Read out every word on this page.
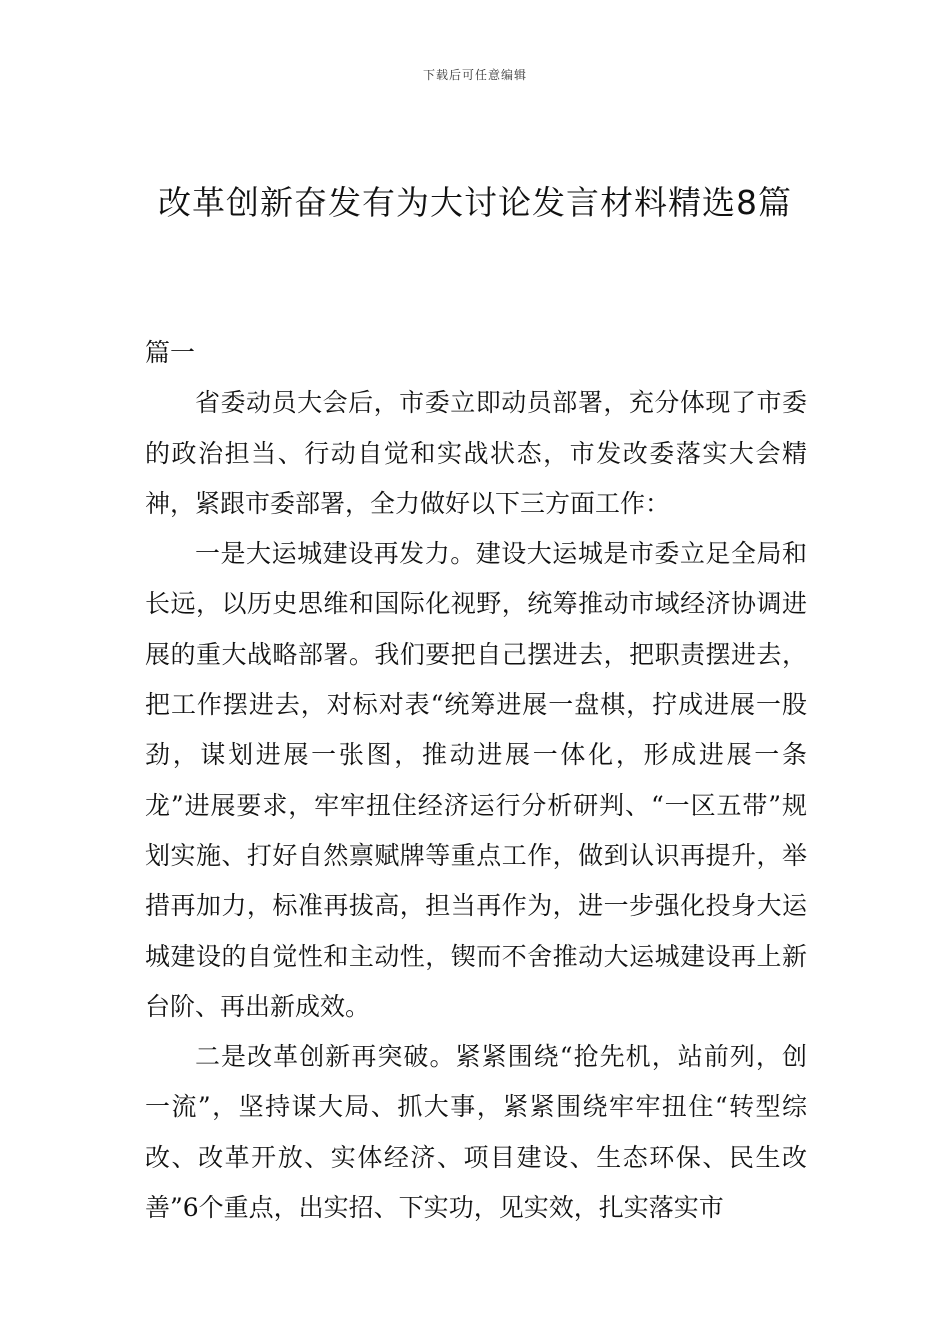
下载后可任意编辑
改革创新奋发有为大讨论发言材料精选8篇

篇一

省委动员大会后，市委立即动员部署，充分体现了市委的政治担当、行动自觉和实战状态，市发改委落实大会精神，紧跟市委部署，全力做好以下三方面工作：

一是大运城建设再发力。建设大运城是市委立足全局和长远，以历史思维和国际化视野，统筹推动市域经济协调进展的重大战略部署。我们要把自己摆进去，把职责摆进去，把工作摆进去，对标对表“统筹进展一盘棋，拧成进展一股劲，谋划进展一张图，推动进展一体化，形成进展一条龙”进展要求，牢牢扭住经济运行分析研判、“一区五带”规划实施、打好自然禀赋牌等重点工作，做到认识再提升，举措再加力，标准再拔高，担当再作为，进一步强化投身大运城建设的自觉性和主动性，锲而不舍推动大运城建设再上新台阶、再出新成效。

二是改革创新再突破。紧紧围绕“抢先机，站前列，创一流”，坚持谋大局、抓大事，紧紧围绕牢牢扭住“转型综改、改革开放、实体经济、项目建设、生态环保、民生改善”6个重点，出实招、下实功，见实效，扎实落实市
